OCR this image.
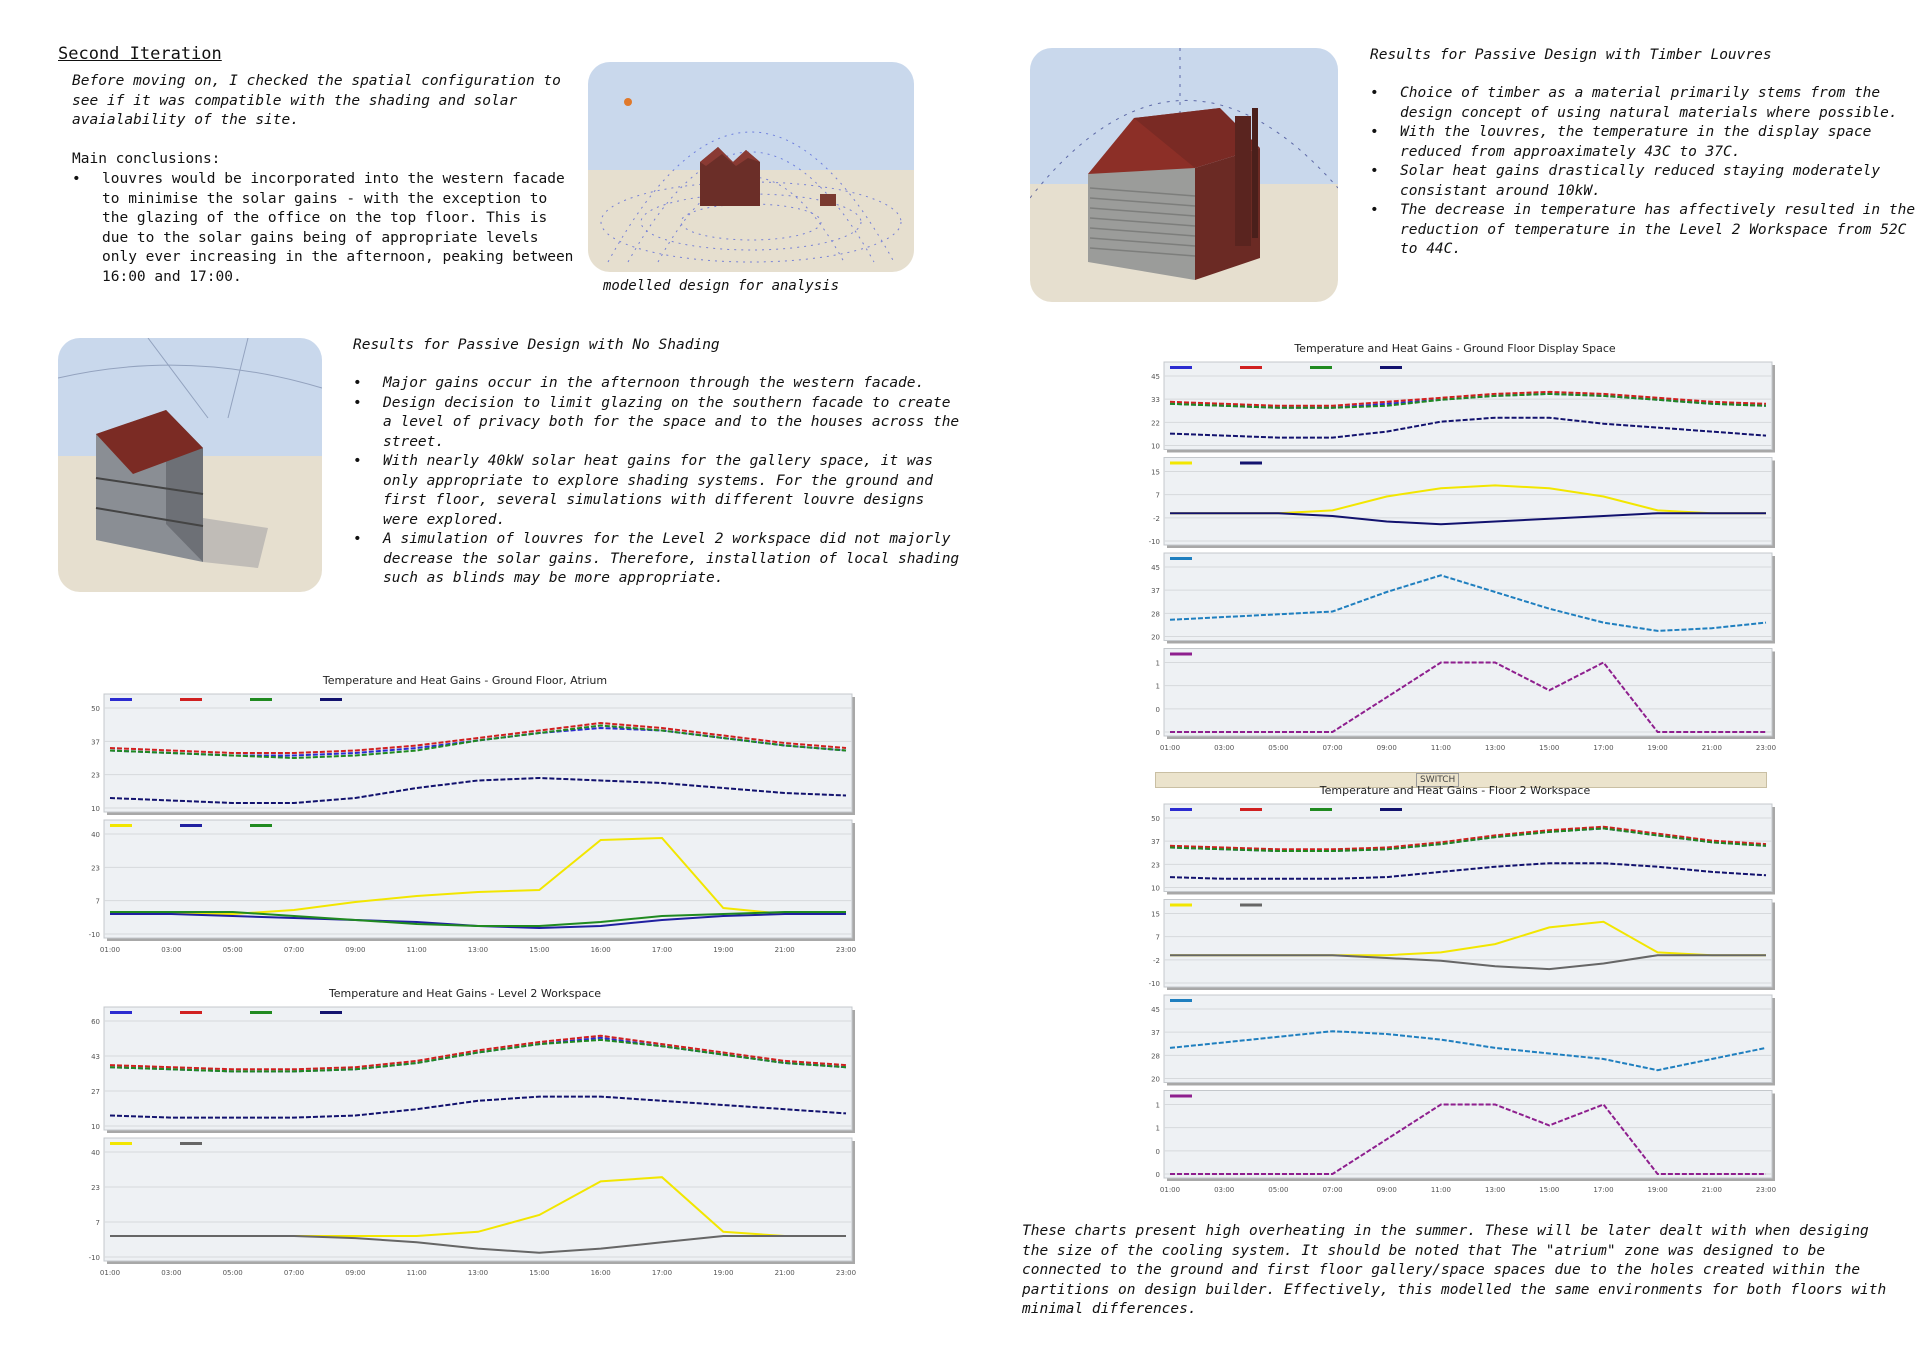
Second Iteration
Before moving on, I checked the spatial configuration to see if it was compatible with the shading and solar avaialability of the site.
Main conclusions:
• louvres would be incorporated into the western facade to minimise the solar gains - with the exception to the glazing of the office on the top floor. This is due to the solar gains being of appropriate levels only ever increasing in the afternoon, peaking between 16:00 and 17:00.
modelled design for analysis
Results for Passive Design with No Shading
• Major gains occur in the afternoon through the western facade.
• Design decision to limit glazing on the southern facade to create a level of privacy both for the space and to the houses across the street.
• With nearly 40kW solar heat gains for the gallery space, it was only appropriate to explore shading systems. For the ground and first floor, several simulations with different louvre designs were explored.
• A simulation of louvres for the Level 2 workspace did not majorly decrease the solar gains. Therefore, installation of local shading such as blinds may be more appropriate.
Temperature and Heat Gains - Ground Floor, Atrium
50
37
23
10
40
23
7
-10
01:00	03:00	05:00	07:00	09:00	11:00	13:00	15:00	16:00	17:00	19:00	21:00	23:00
Temperature and Heat Gains - Level 2 Workspace
60
43
27
10
40
23
7
-10
01:00	03:00	05:00	07:00	09:00	11:00	13:00	15:00	16:00	17:00	19:00	21:00	23:00
Results for Passive Design with Timber Louvres
• Choice of timber as a material primarily stems from the design concept of using natural materials where possible.
• With the louvres, the temperature in the display space reduced from approaximately 43C to 37C.
• Solar heat gains drastically reduced staying moderately consistant around 10kW.
• The decrease in temperature has affectively resulted in the reduction of temperature in the Level 2 Workspace from 52C to 44C.
Temperature and Heat Gains - Ground Floor Display Space
45
33
22
10
15
7
-2
-10
45
37
28
20
1
1
0
0
01:00	03:00	05:00	07:00	09:00	11:00	13:00	15:00	17:00	19:00	21:00	23:00
SWITCH
Temperature and Heat Gains - Floor 2 Workspace
50
37
23
10
15
7
-2
-10
45
37
28
20
1
1
0
0
01:00	03:00	05:00	07:00	09:00	11:00	13:00	15:00	17:00	19:00	21:00	23:00
These charts present high overheating in the summer. These will be later dealt with when desiging the size of the cooling system. It should be noted that The "atrium" zone was designed to be connected to the ground and first floor gallery/space spaces due to the holes created within the partitions on design builder. Effectively, this modelled the same environments for both floors with minimal differences.
